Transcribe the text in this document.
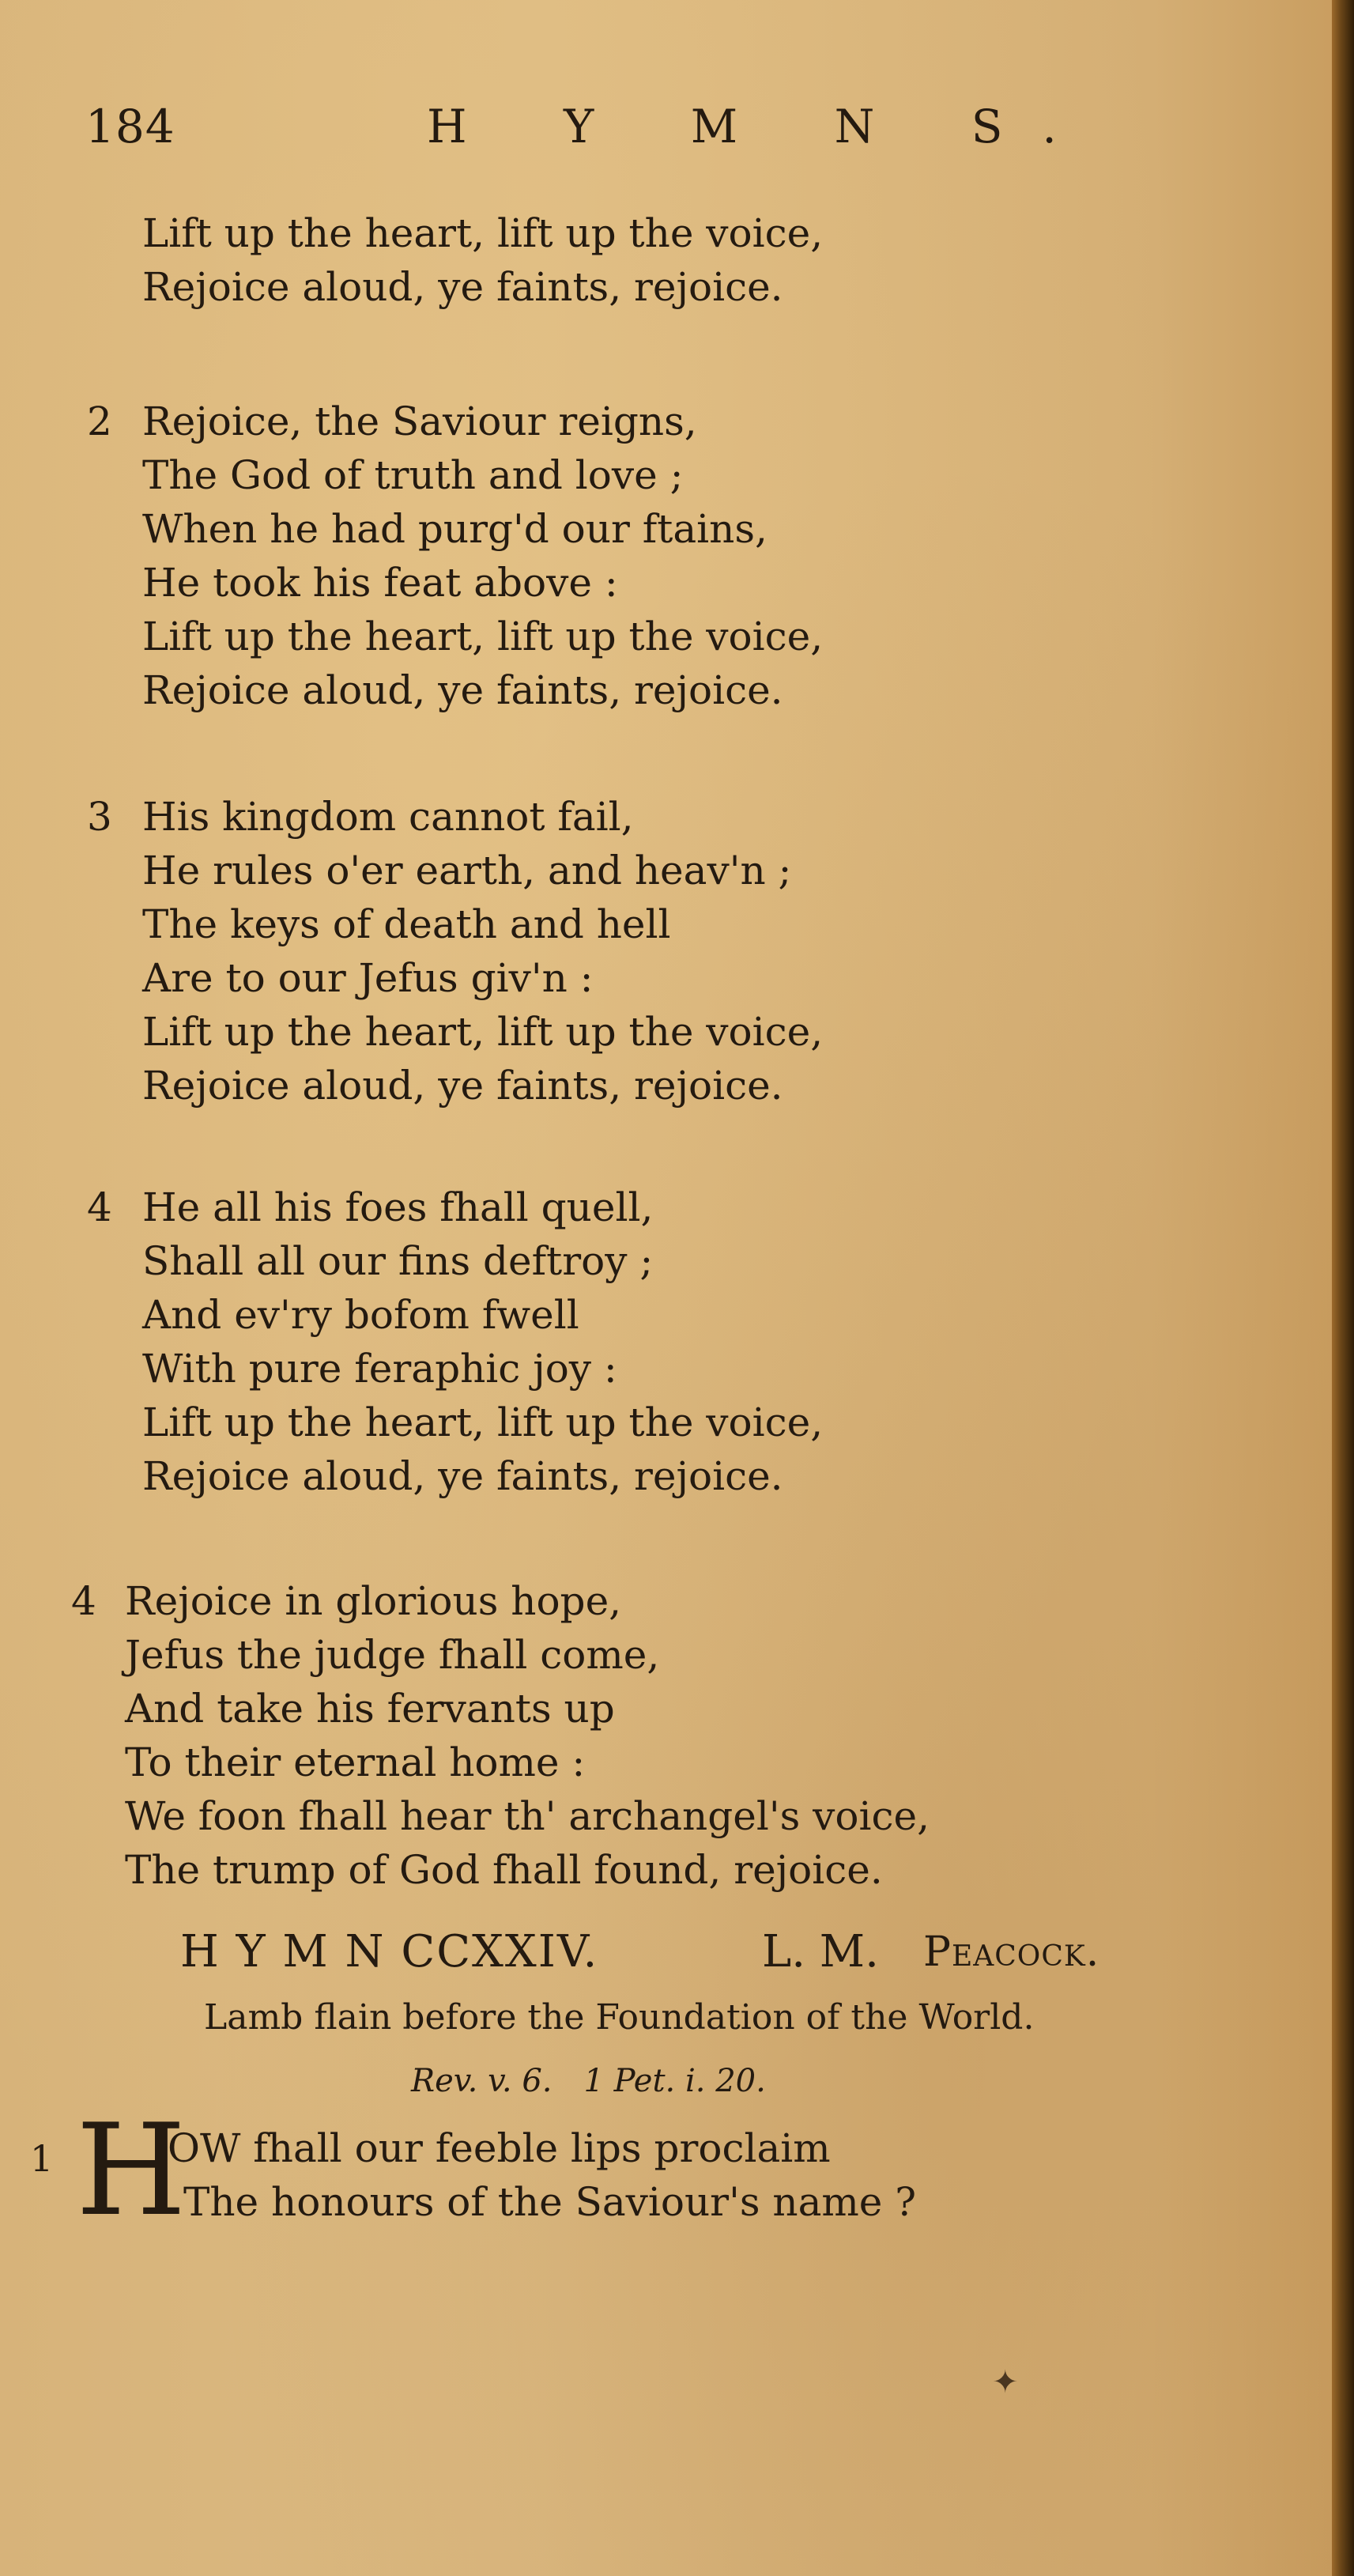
184	H Y M N S.
Lift up the heart, lift up the voice,
Rejoice aloud, ye faints, rejoice.
2 Rejoice, the Saviour reigns,
The God of truth and love ;
When he had purg'd our ftains,
He took his feat above :
Lift up the heart, lift up the voice,
Rejoice aloud, ye faints, rejoice.
3 His kingdom cannot fail,
He rules o'er earth, and heav'n ;
The keys of death and hell
Are to our Jefus giv'n :
Lift up the heart, lift up the voice,
Rejoice aloud, ye faints, rejoice.
4 He all his foes fhall quell,
Shall all our fins deftroy ;
And ev'ry bofom fwell
With pure feraphic joy :
Lift up the heart, lift up the voice,
Rejoice aloud, ye faints, rejoice.
4 Rejoice in glorious hope,
Jefus the judge fhall come,
And take his fervants up
To their eternal home :
We foon fhall hear th' archangel's voice,
The trump of God fhall found, rejoice.
H Y M N CCXXIV.	L. M. Peacock.
Lamb flain before the Foundation of the World.
Rev. v. 6. 1 Pet. i. 20.
1 H
OW fhall our feeble lips proclaim
The honours of the Saviour's name ?
✦
